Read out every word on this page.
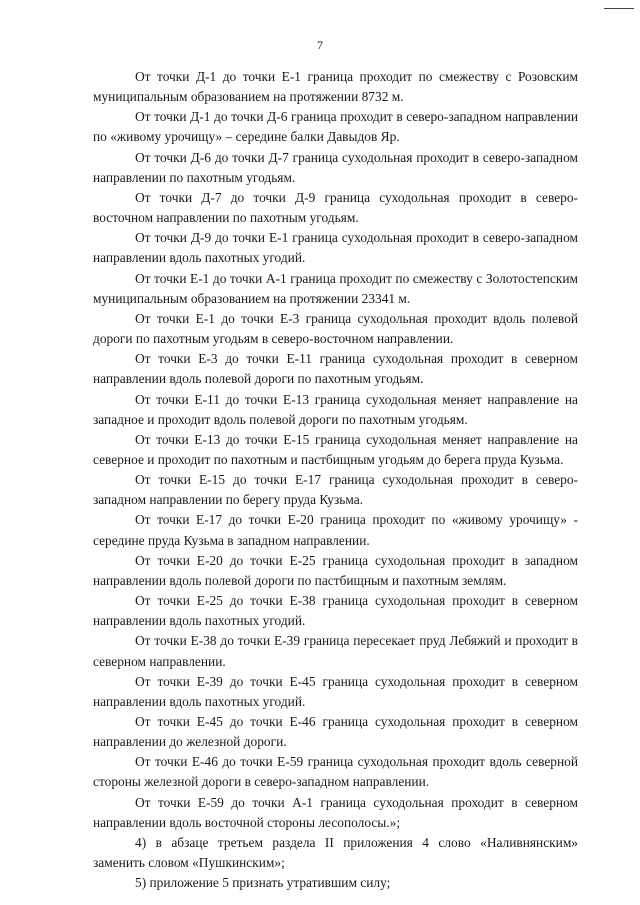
7

От точки Д-1 до точки Е-1 граница проходит по смежеству с Розовским муниципальным образованием на протяжении 8732 м.

От точки Д-1 до точки Д-6 граница проходит в северо-западном направлении по «живому урочищу» – середине балки Давыдов Яр.

От точки Д-6 до точки Д-7 граница суходольная проходит в северо-западном направлении по пахотным угодьям.

От точки Д-7 до точки Д-9 граница суходольная проходит в северо-восточном направлении по пахотным угодьям.

От точки Д-9 до точки Е-1 граница суходольная проходит в северо-западном направлении вдоль пахотных угодий.

От точки Е-1 до точки А-1 граница проходит по смежеству с Золотостепским муниципальным образованием на протяжении 23341 м.

От точки Е-1 до точки Е-3 граница суходольная проходит вдоль полевой дороги по пахотным угодьям в северо-восточном направлении.

От точки Е-3 до точки Е-11 граница суходольная проходит в северном направлении вдоль полевой дороги по пахотным угодьям.

От точки Е-11 до точки Е-13 граница суходольная меняет направление на западное и проходит вдоль полевой дороги по пахотным угодьям.

От точки Е-13 до точки Е-15 граница суходольная меняет направление на северное и проходит по пахотным и пастбищным угодьям до берега пруда Кузьма.

От точки Е-15 до точки Е-17 граница суходольная проходит в северо-западном направлении по берегу пруда Кузьма.

От точки Е-17 до точки Е-20 граница проходит по «живому урочищу» - середине пруда Кузьма в западном направлении.

От точки Е-20 до точки Е-25 граница суходольная проходит в западном направлении вдоль полевой дороги по пастбищным и пахотным землям.

От точки Е-25 до точки Е-38 граница суходольная проходит в северном направлении вдоль пахотных угодий.

От точки Е-38 до точки Е-39 граница пересекает пруд Лебяжий и проходит в северном направлении.

От точки Е-39 до точки Е-45 граница суходольная проходит в северном направлении вдоль пахотных угодий.

От точки Е-45 до точки Е-46 граница суходольная проходит в северном направлении до железной дороги.

От точки Е-46 до точки Е-59 граница суходольная проходит вдоль северной стороны железной дороги в северо-западном направлении.

От точки Е-59 до точки А-1 граница суходольная проходит в северном направлении вдоль восточной стороны лесополосы.»;

4) в абзаце третьем раздела II приложения 4 слово «Наливнянским» заменить словом «Пушкинским»;

5) приложение 5 признать утратившим силу;
